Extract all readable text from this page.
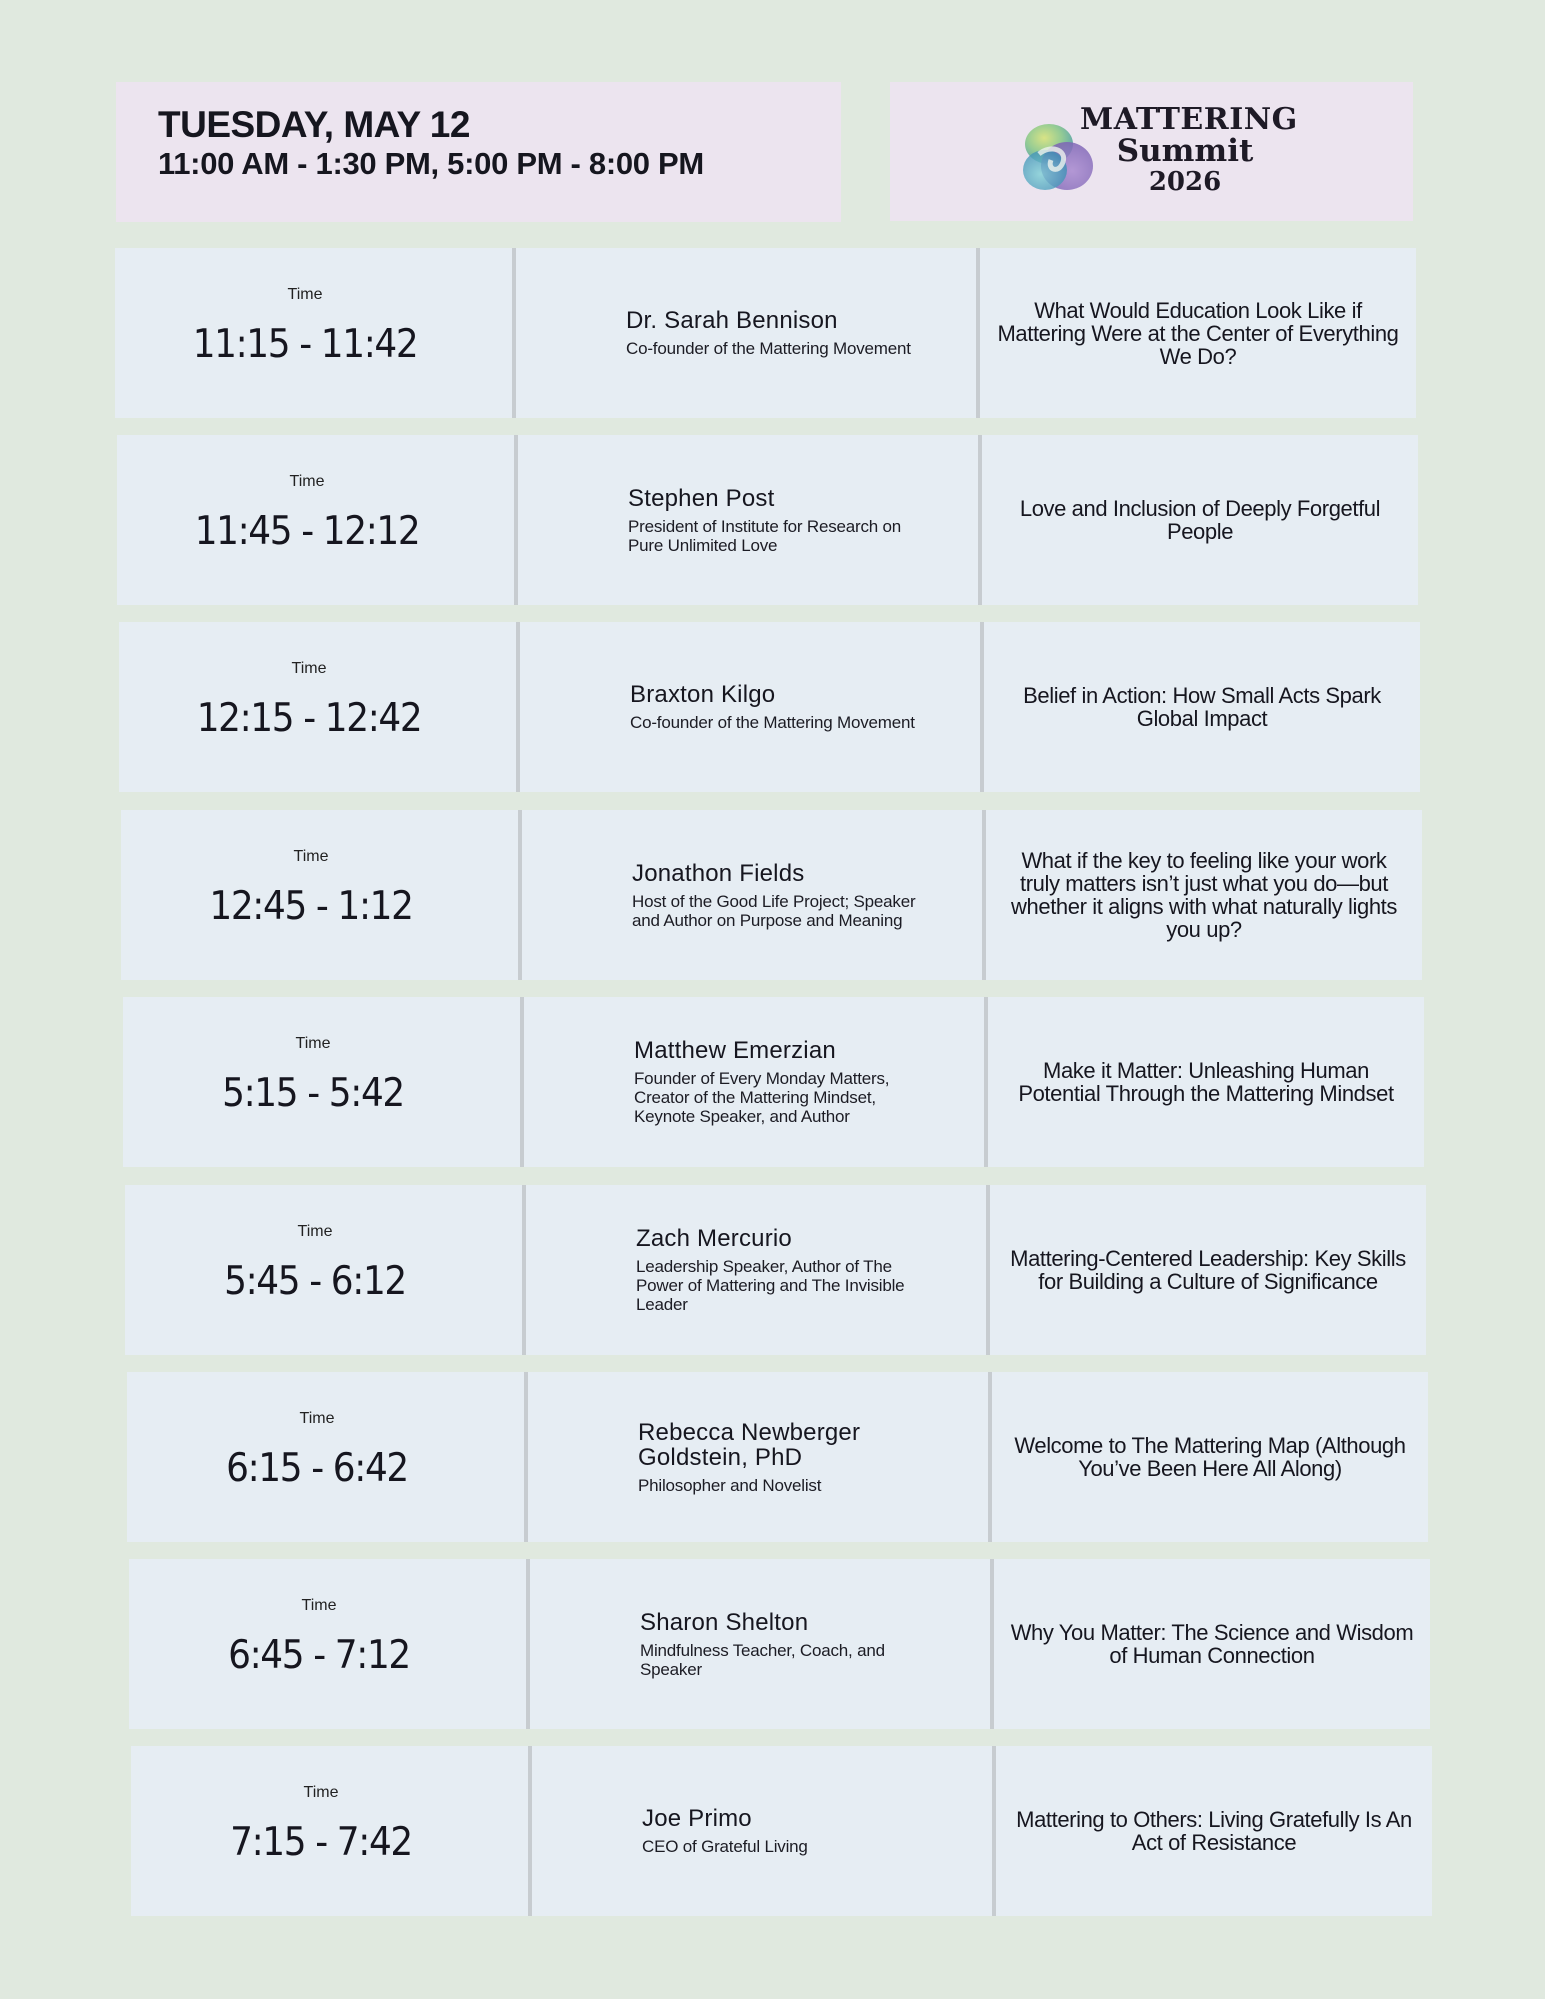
TUESDAY, MAY 12
11:00 AM - 1:30 PM, 5:00 PM - 8:00 PM
MATTERING
Summit
2026
Time
11:15 - 11:42
Dr. Sarah Bennison
Co-founder of the Mattering Movement
What Would Education Look Like if Mattering Were at the Center of Everything We Do?
Time
11:45 - 12:12
Stephen Post
President of Institute for Research on Pure Unlimited Love
Love and Inclusion of Deeply Forgetful People
Time
12:15 - 12:42
Braxton Kilgo
Co-founder of the Mattering Movement
Belief in Action: How Small Acts Spark Global Impact
Time
12:45 - 1:12
Jonathon Fields
Host of the Good Life Project; Speaker and Author on Purpose and Meaning
What if the key to feeling like your work truly matters isn’t just what you do—but whether it aligns with what naturally lights you up?
Time
5:15 - 5:42
Matthew Emerzian
Founder of Every Monday Matters, Creator of the Mattering Mindset, Keynote Speaker, and Author
Make it Matter: Unleashing Human Potential Through the Mattering Mindset
Time
5:45 - 6:12
Zach Mercurio
Leadership Speaker, Author of The Power of Mattering and The Invisible Leader
Mattering-Centered Leadership: Key Skills for Building a Culture of Significance
Time
6:15 - 6:42
Rebecca Newberger Goldstein, PhD
Philosopher and Novelist
Welcome to The Mattering Map (Although You’ve Been Here All Along)
Time
6:45 - 7:12
Sharon Shelton
Mindfulness Teacher, Coach, and Speaker
Why You Matter: The Science and Wisdom of Human Connection
Time
7:15 - 7:42
Joe Primo
CEO of Grateful Living
Mattering to Others: Living Gratefully Is An Act of Resistance
